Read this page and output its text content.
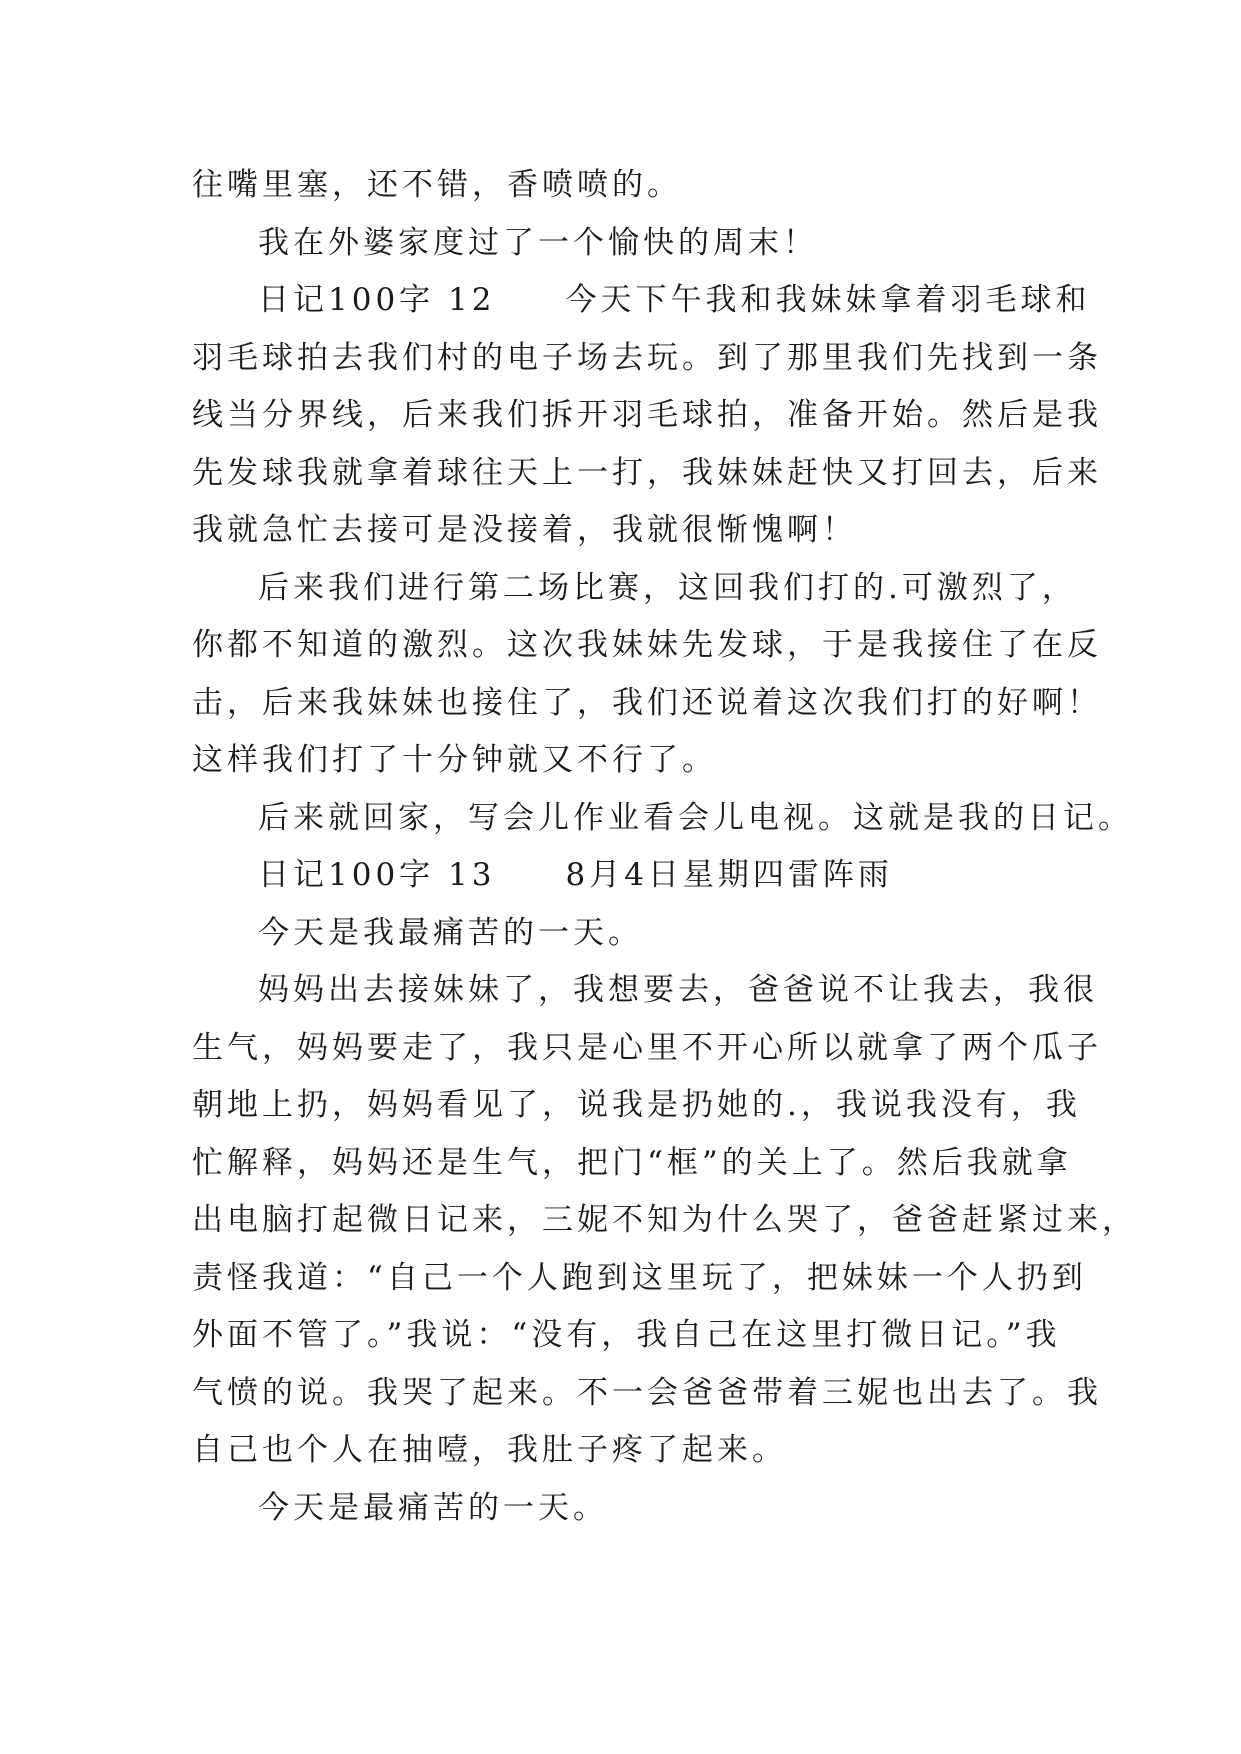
往嘴里塞，还不错，香喷喷的。
我在外婆家度过了一个愉快的周末！
日记100字 12　　今天下午我和我妹妹拿着羽毛球和
羽毛球拍去我们村的电子场去玩。到了那里我们先找到一条
线当分界线，后来我们拆开羽毛球拍，准备开始。然后是我
先发球我就拿着球往天上一打，我妹妹赶快又打回去，后来
我就急忙去接可是没接着，我就很惭愧啊！
后来我们进行第二场比赛，这回我们打的.可激烈了，
你都不知道的激烈。这次我妹妹先发球，于是我接住了在反
击，后来我妹妹也接住了，我们还说着这次我们打的好啊！
这样我们打了十分钟就又不行了。
后来就回家，写会儿作业看会儿电视。这就是我的日记。
日记100字 13　　8月4日星期四雷阵雨
今天是我最痛苦的一天。
妈妈出去接妹妹了，我想要去，爸爸说不让我去，我很
生气，妈妈要走了，我只是心里不开心所以就拿了两个瓜子
朝地上扔，妈妈看见了，说我是扔她的.，我说我没有，我
忙解释，妈妈还是生气，把门“框”的关上了。然后我就拿
出电脑打起微日记来，三妮不知为什么哭了，爸爸赶紧过来，
责怪我道：“自己一个人跑到这里玩了，把妹妹一个人扔到
外面不管了。”我说：“没有，我自己在这里打微日记。”我
气愤的说。我哭了起来。不一会爸爸带着三妮也出去了。我
自己也个人在抽噎，我肚子疼了起来。
今天是最痛苦的一天。
